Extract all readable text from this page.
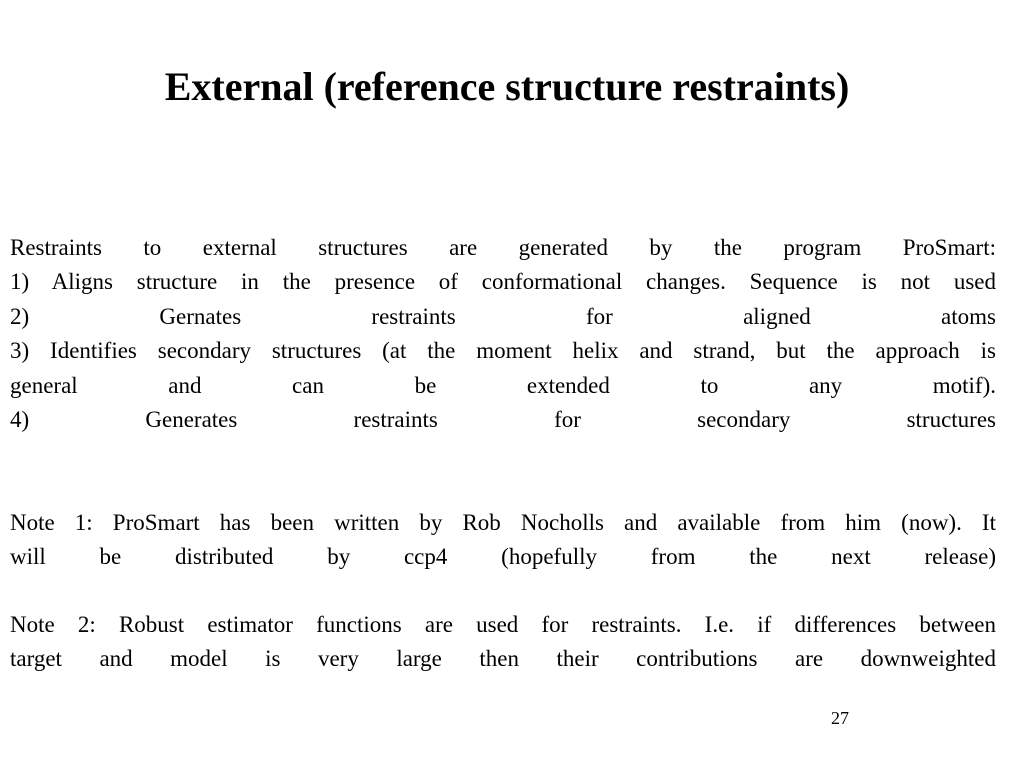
External (reference structure restraints)
Restraints to external structures are generated by the program ProSmart:
1) Aligns structure in the presence of conformational changes. Sequence is not used
2) Gernates restraints for aligned atoms
3) Identifies secondary structures (at the moment helix and strand, but the approach is
general and can be extended to any motif).
4) Generates restraints for secondary structures
Note 1: ProSmart has been written by Rob Nocholls and available from him (now). It
will be distributed by ccp4 (hopefully from the next release)
Note 2: Robust estimator functions are used for restraints. I.e. if differences between
target and model is very large then their contributions are downweighted
27
